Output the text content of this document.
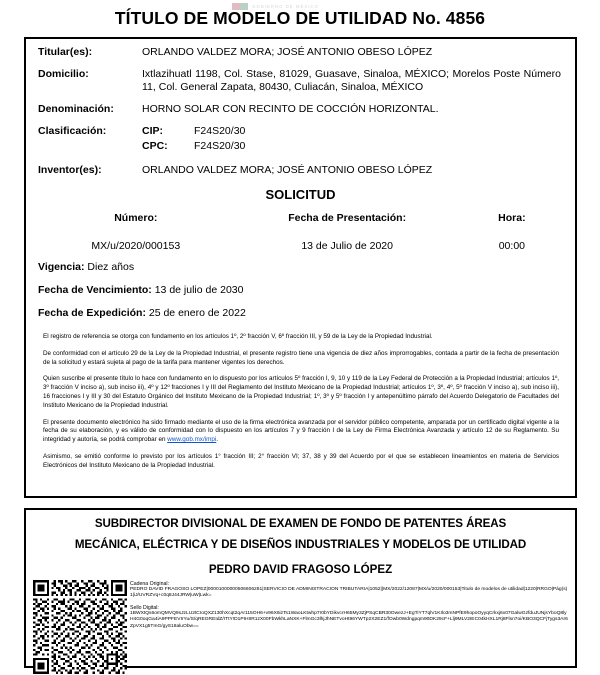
GOBIERNO DE MÉXICO
TÍTULO DE MODELO DE UTILIDAD No. 4856
Titular(es):	ORLANDO VALDEZ MORA; JOSÉ ANTONIO OBESO LÓPEZ
Domicilio:	Ixtlazihuatl 1198, Col. Stase, 81029, Guasave, Sinaloa, MÉXICO; Morelos Poste Número 11, Col. General Zapata, 80430, Culiacán, Sinaloa, MÉXICO
Denominación:	HORNO SOLAR CON RECINTO DE COCCIÓN HORIZONTAL.
Clasificación:	CIP: F24S20/30
CPC: F24S20/30

Inventor(es):	ORLANDO VALDEZ MORA; JOSÉ ANTONIO OBESO LÓPEZ
SOLICITUD
Número:	Fecha de Presentación:	Hora:
MX/u/2020/000153	13 de Julio de 2020	00:00
Vigencia: Diez años
Fecha de Vencimiento: 13 de julio de 2030
Fecha de Expedición: 25 de enero de 2022

El registro de referencia se otorga con fundamento en los artículos 1º, 2º fracción V, 6º fracción III, y 59 de la Ley de la Propiedad Industrial.

De conformidad con el artículo 29 de la Ley de la Propiedad Industrial, el presente registro tiene una vigencia de diez años improrrogables, contada a partir de la fecha de presentación de la solicitud y estará sujeta al pago de la tarifa para mantener vigentes los derechos.

Quien suscribe el presente título lo hace con fundamento en lo dispuesto por los artículos 5º fracción I, 9, 10 y 119 de la Ley Federal de Protección a la Propiedad Industrial; artículos 1º, 3º fracción V inciso a), sub inciso iii), 4º y 12º fracciones I y III del Reglamento del Instituto Mexicano de la Propiedad Industrial; artículos 1º, 3º, 4º, 5º fracción V inciso a), sub inciso iii), 16 fracciones I y III y 30 del Estatuto Orgánico del Instituto Mexicano de la Propiedad Industrial; 1º, 3º y 5º fracción I y antepenúltimo párrafo del Acuerdo Delegatorio de Facultades del Instituto Mexicano de la Propiedad Industrial.

El presente documento electrónico ha sido firmado mediante el uso de la firma electrónica avanzada por el servidor público competente, amparada por un certificado digital vigente a la fecha de su elaboración, y es válido de conformidad con lo dispuesto en los artículos 7 y 9 fracción I de la Ley de Firma Electrónica Avanzada y artículo 12 de su Reglamento. Su integridad y autoría, se podrá comprobar en www.gob.mx/impi.

Asimismo, se emitió conforme lo previsto por los artículos 1° fracción III; 2° fracción VI; 37, 38 y 39 del Acuerdo por el que se establecen lineamientos en materia de Servicios Electrónicos del Instituto Mexicano de la Propiedad Industrial.

SUBDIRECTOR DIVISIONAL DE EXAMEN DE FONDO DE PATENTES ÁREAS
MECÁNICA, ELÉCTRICA Y DE DISEÑOS INDUSTRIALES Y MODELOS DE UTILIDAD
PEDRO DAVID FRAGOSO LÓPEZ
Cadena Original:
PEDRO DAVID FRAGOSO LOPEZ|00001000000506606281|SERVICIO DE ADMINISTRACION TRIBUTARIA|1052||MX/2022/12087|MX/u/2020/000153|Titulo de modelos de utilidad|1220|RRGO|Pág(s)1|iJ/UVRZVq+c0q8J44JRW|uW|Lwk=
Sello Digital:
1BWXtQs6omQMVQ9sJzLU2tCIoQXZ130hXcqt2qAr115OH6+v96X6izTs1WaoLKtwhp7r0bYDikvcrH65My3ZjPSqCBR30OwezJ+EgTiYT7qlV1KIlo3mNPfE9hopoOyyqCrkxj6x07GalwGzfduJUNjsYboQ8lyH4G0oqGa4iA9PPFEVIrYu/S/qREGREIdZ/ITtY!D1PIHIIR1zX00FbWkhLaNXK+FlmGc3lhjJhNETvoHt96YWTp2X2EZ1/fOwb0Wdngpqm90DK29cF+Llj9MLV2IEC04kHXL1Rj8Flsn7oi/KBO3QCFjTygs3Ar6ZpVX1g5TInG/gyS18aluObw==
